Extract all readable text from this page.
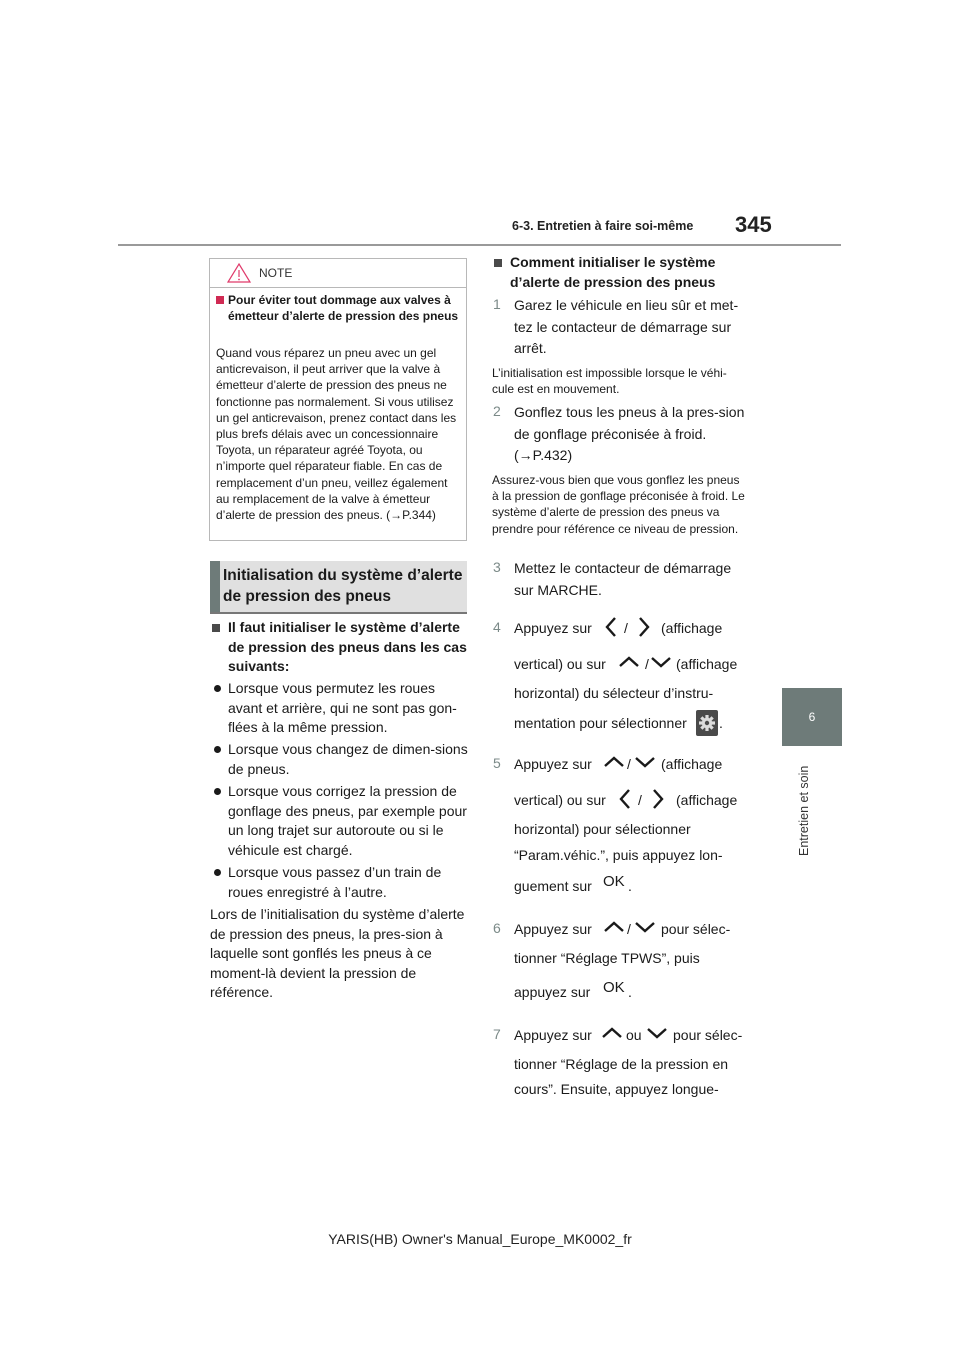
6-3. Entretien à faire soi-même 345
6
Entretien et soin
NOTE
Pour éviter tout dommage aux valves à émetteur d’alerte de pression des pneus
Quand vous réparez un pneu avec un gel anticrevaison, il peut arriver que la valve à émetteur d’alerte de pression des pneus ne fonctionne pas normalement. Si vous utilisez un gel anticrevaison, prenez contact dans les plus brefs délais avec un concessionnaire Toyota, un réparateur agréé Toyota, ou n’importe quel réparateur fiable. En cas de remplacement d’un pneu, veillez également au remplacement de la valve à émetteur d’alerte de pression des pneus. (→P.344)
Initialisation du système d’alerte de pression des pneus
Il faut initialiser le système d’alerte de pression des pneus dans les cas suivants:
Lorsque vous permutez les roues avant et arrière, qui ne sont pas gon-flées à la même pression.
Lorsque vous changez de dimen-sions de pneus.
Lorsque vous corrigez la pression de gonflage des pneus, par exemple pour un long trajet sur autoroute ou si le véhicule est chargé.
Lorsque vous passez d’un train de roues enregistré à l’autre.
Lors de l’initialisation du système d’alerte de pression des pneus, la pres-sion à laquelle sont gonflés les pneus à ce moment-là devient la pression de référence.
Comment initialiser le système d’alerte de pression des pneus
1 Garez le véhicule en lieu sûr et met-tez le contacteur de démarrage sur arrêt.
L’initialisation est impossible lorsque le véhi-cule est en mouvement.
2 Gonflez tous les pneus à la pres-sion de gonflage préconisée à froid. (→P.432)
Assurez-vous bien que vous gonflez les pneus à la pression de gonflage préconisée à froid. Le système d’alerte de pression des pneus va prendre pour référence ce niveau de pression.
3 Mettez le contacteur de démarrage sur MARCHE.
4 Appuyez sur / (affichage
vertical) ou sur	/ (affichage
horizontal) du sélecteur d’instru-
mentation pour sélectionner .
5 Appuyez sur	/ (affichage
vertical) ou sur / (affichage
horizontal) pour sélectionner
“Param.véhic.”, puis appuyez lon-
guement sur OK .
6 Appuyez sur	/ pour sélec-
tionner “Réglage TPWS”, puis
appuyez sur OK .
7 Appuyez sur ou pour sélec-
tionner “Réglage de la pression en
cours”. Ensuite, appuyez longue-
YARIS(HB) Owner's Manual_Europe_MK0002_fr
